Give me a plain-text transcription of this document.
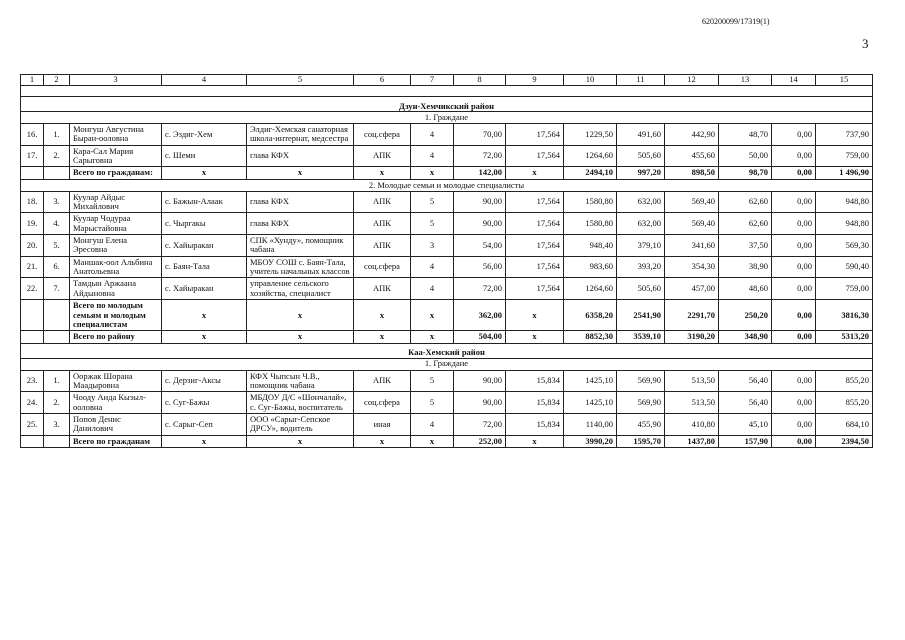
620200099/17319(1)
3
1	2	3	4	5	6	7	8	9	10	11	12	13	14	15

Дзун-Хемчикский район														
1. Граждане														
16.	1.	Монгуш Августина Быран-ооловна	с. Эздиг-Хем	Элдиг-Хемская санаторная школа-интернат, медсестра	соц.сфера	4	70,00	17,564	1229,50	491,60	442,90	48,70	0,00	737,90
17.	2.	Кара-Сал Мария Сарыговна	с. Шеми	глава КФХ	АПК	4	72,00	17,564	1264,60	505,60	455,60	50,00	0,00	759,00
		Всего по гражданам:	х	х	х	х	142,00	х	2494,10	997,20	898,50	98,70	0,00	1 496,90
2. Молодые семьи и молодые специалисты														
18.	3.	Куулар Айдыс Михайлович	с. Бажын-Алаак	глава КФХ	АПК	5	90,00	17,564	1580,80	632,00	569,40	62,60	0,00	948,80
19.	4.	Куулар Чодураа Марыстайовна	с. Чыргакы	глава КФХ	АПК	5	90,00	17,564	1580,80	632,00	569,40	62,60	0,00	948,80
20.	5.	Монгуш Елена Эресовна	с. Хайыракан	СПК «Хунду», помощник чабана	АПК	3	54,00	17,564	948,40	379,10	341,60	37,50	0,00	569,30
21.	6.	Маншак-оол Альбина Анатольевна	с. Баян-Тала	МБОУ СОШ с. Баян-Тала, учитель начальных классов	соц.сфера	4	56,00	17,564	983,60	393,20	354,30	38,90	0,00	590,40
22.	7.	Тамдын Аржаана Айдыновна	с. Хайыракан	управление сельского хозяйства, специалист	АПК	4	72,00	17,564	1264,60	505,60	457,00	48,60	0,00	759,00
		Всего по молодым семьям и молодым специалистам	х	х	х	х	362,00	х	6358,20	2541,90	2291,70	250,20	0,00	3816,30
		Всего по району	х	х	х	х	504,00	х	8852,30	3539,10	3190,20	348,90	0,00	5313,20
Каа-Хемский район														
1. Граждане														
23.	1.	Ооржак Шорана Маадыровна	с. Дерзиг-Аксы	КФХ Чыпсын Ч.В., помощник чабана	АПК	5	90,00	15,834	1425,10	569,90	513,50	56,40	0,00	855,20
24.	2.	Чооду Аида Кызыл-ооловна	с. Суг-Бажы	МБДОУ Д/С «Шончалай», с. Суг-Бажы, воспитатель	соц.сфера	5	90,00	15,834	1425,10	569,90	513,50	56,40	0,00	855,20
25.	3.	Попов Денис Данилович	с. Сарыг-Сеп	ООО «Сарыг-Сепское ДРСУ», водитель	иная	4	72,00	15,834	1140,00	455,90	410,80	45,10	0,00	684,10
		Всего по гражданам	х	х	х	х	252,00	х	3990,20	1595,70	1437,80	157,90	0,00	2394,50
